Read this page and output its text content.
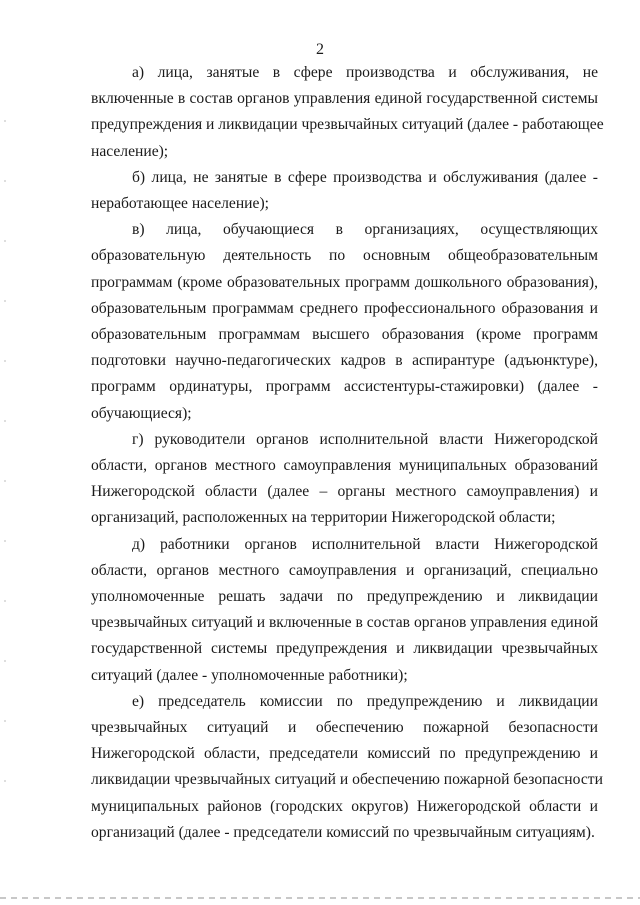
2

а) лица, занятые в сфере производства и обслуживания, не
включенные в состав органов управления единой государственной системы
предупреждения и ликвидации чрезвычайных ситуаций (далее - работающее
население);

б) лица, не занятые в сфере производства и обслуживания (далее -
неработающее население);

в) лица, обучающиеся в организациях, осуществляющих
образовательную деятельность по основным общеобразовательным
программам (кроме образовательных программ дошкольного образования),
образовательным программам среднего профессионального образования и
образовательным программам высшего образования (кроме программ
подготовки научно-педагогических кадров в аспирантуре (адъюнктуре),
программ ординатуры, программ ассистентуры-стажировки) (далее -
обучающиеся);

г) руководители органов исполнительной власти Нижегородской
области, органов местного самоуправления муниципальных образований
Нижегородской области (далее – органы местного самоуправления) и
организаций, расположенных на территории Нижегородской области;

д) работники органов исполнительной власти Нижегородской
области, органов местного самоуправления и организаций, специально
уполномоченные решать задачи по предупреждению и ликвидации
чрезвычайных ситуаций и включенные в состав органов управления единой
государственной системы предупреждения и ликвидации чрезвычайных
ситуаций (далее - уполномоченные работники);

е) председатель комиссии по предупреждению и ликвидации
чрезвычайных ситуаций и обеспечению пожарной безопасности
Нижегородской области, председатели комиссий по предупреждению и
ликвидации чрезвычайных ситуаций и обеспечению пожарной безопасности
муниципальных районов (городских округов) Нижегородской области и
организаций (далее - председатели комиссий по чрезвычайным ситуациям).
